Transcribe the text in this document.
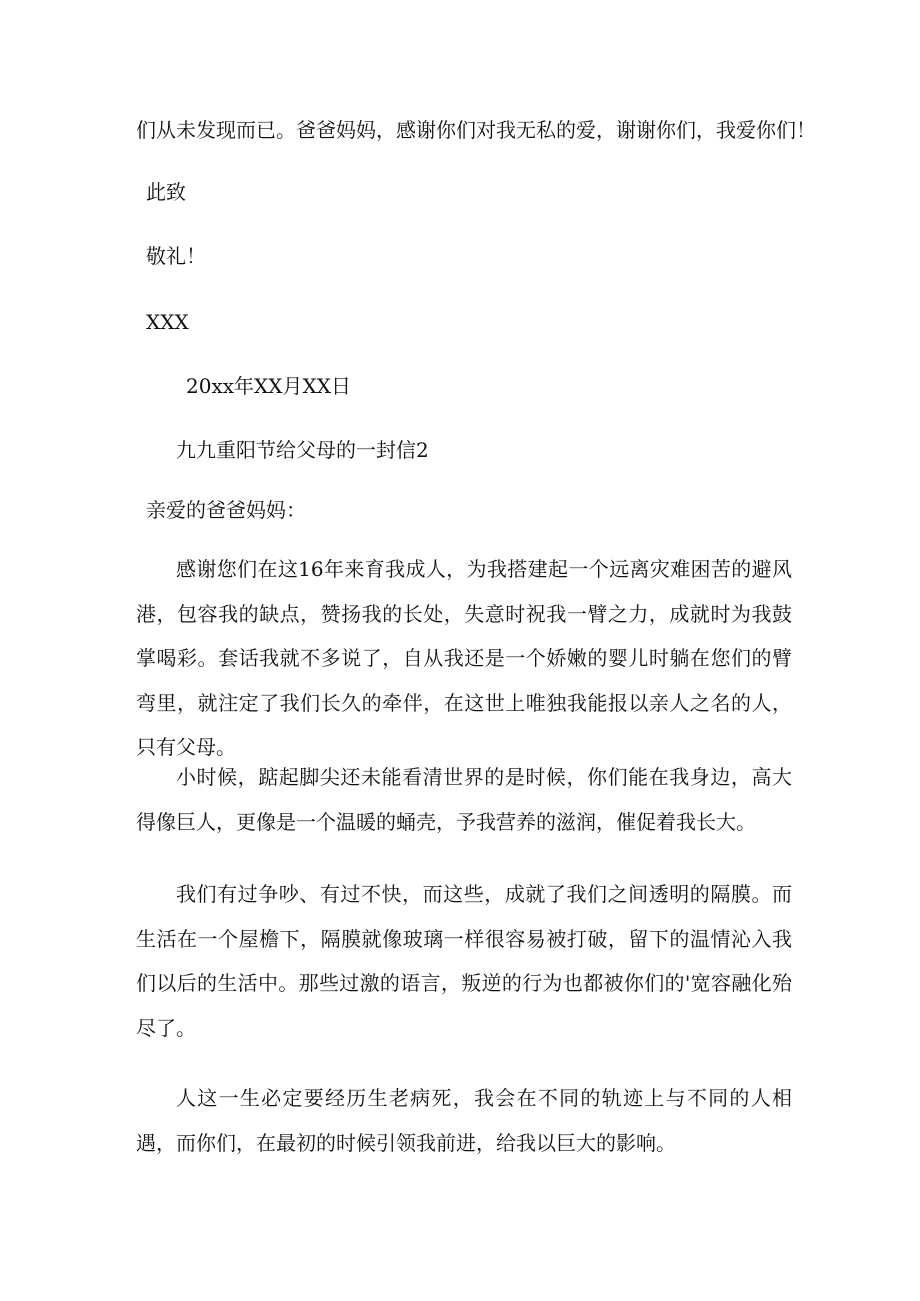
们从未发现而已。爸爸妈妈，感谢你们对我无私的爱，谢谢你们，我爱你们！
此致
敬礼！
XXX
20xx年XX月XX日
九九重阳节给父母的一封信2
亲爱的爸爸妈妈：
感谢您们在这16年来育我成人，为我搭建起一个远离灾难困苦的避风港，包容我的缺点，赞扬我的长处，失意时祝我一臂之力，成就时为我鼓掌喝彩。套话我就不多说了，自从我还是一个娇嫩的婴儿时躺在您们的臂弯里，就注定了我们长久的牵伴，在这世上唯独我能报以亲人之名的人，只有父母。
小时候，踮起脚尖还未能看清世界的是时候，你们能在我身边，高大得像巨人，更像是一个温暖的蛹壳，予我营养的滋润，催促着我长大。
我们有过争吵、有过不快，而这些，成就了我们之间透明的隔膜。而生活在一个屋檐下，隔膜就像玻璃一样很容易被打破，留下的温情沁入我们以后的生活中。那些过激的语言，叛逆的行为也都被你们的'宽容融化殆尽了。
人这一生必定要经历生老病死，我会在不同的轨迹上与不同的人相遇，而你们，在最初的时候引领我前进，给我以巨大的影响。
